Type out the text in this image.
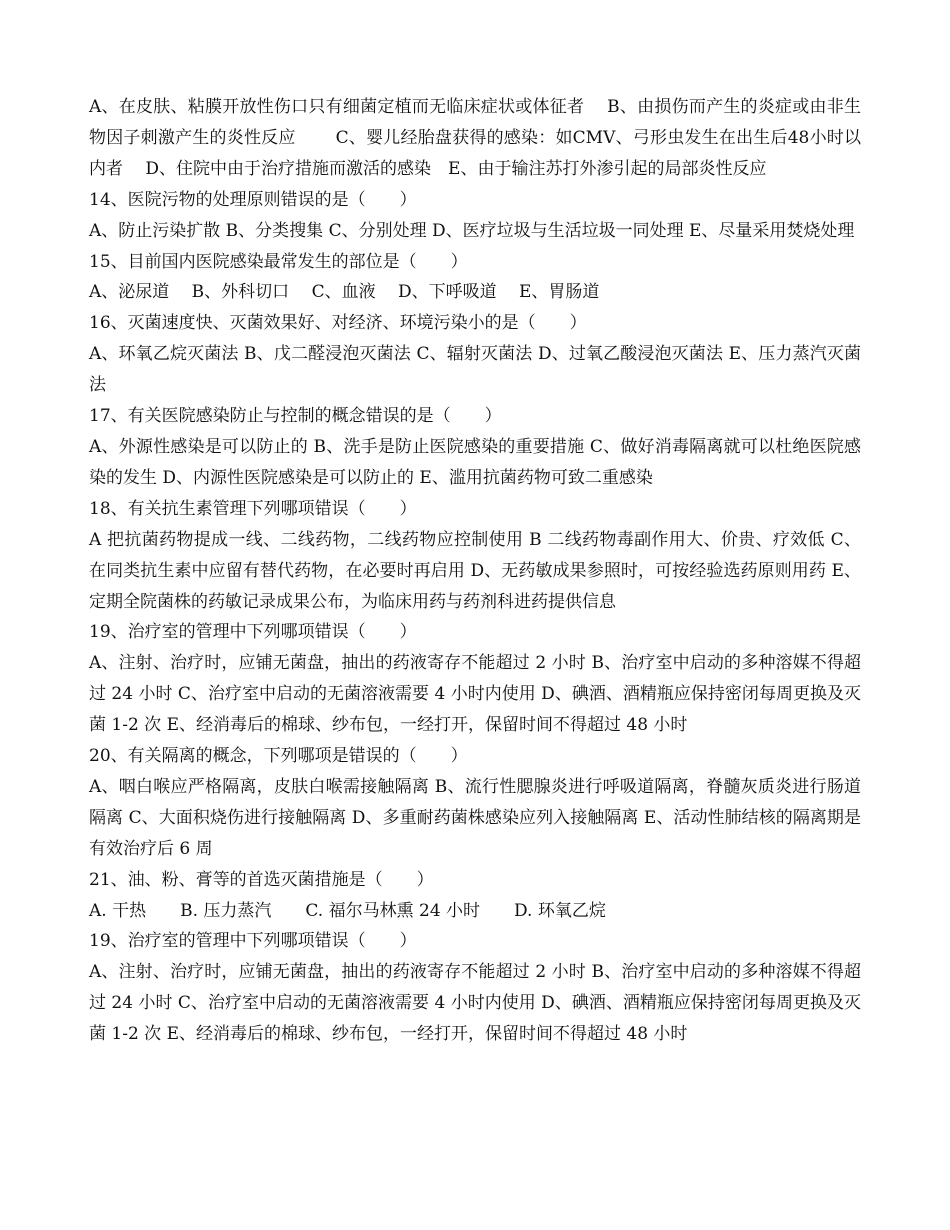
A、在皮肤、粘膜开放性伤口只有细菌定植而无临床症状或体征者　 B、由损伤而产生的炎症或由非生物因子刺激产生的炎性反应　　 C、婴儿经胎盘获得的感染：如CMV、弓形虫发生在出生后48小时以内者　 D、住院中由于治疗措施而激活的感染　E、由于输注苏打外渗引起的局部炎性反应

14、医院污物的处理原则错误的是（　　）

A、防止污染扩散 B、分类搜集 C、分别处理 D、医疗垃圾与生活垃圾一同处理 E、尽量采用焚烧处理

15、目前国内医院感染最常发生的部位是（　　）

A、泌尿道　 B、外科切口　 C、血液　 D、下呼吸道　 E、胃肠道

16、灭菌速度快、灭菌效果好、对经济、环境污染小的是（　　）

A、环氧乙烷灭菌法 B、戊二醛浸泡灭菌法 C、辐射灭菌法 D、过氧乙酸浸泡灭菌法 E、压力蒸汽灭菌法

17、有关医院感染防止与控制的概念错误的是（　　）

A、外源性感染是可以防止的 B、洗手是防止医院感染的重要措施 C、做好消毒隔离就可以杜绝医院感染的发生 D、内源性医院感染是可以防止的 E、滥用抗菌药物可致二重感染

18、有关抗生素管理下列哪项错误（　　）

A 把抗菌药物提成一线、二线药物，二线药物应控制使用 B 二线药物毒副作用大、价贵、疗效低 C、在同类抗生素中应留有替代药物，在必要时再启用 D、无药敏成果参照时，可按经验选药原则用药 E、定期全院菌株的药敏记录成果公布，为临床用药与药剂科进药提供信息

19、治疗室的管理中下列哪项错误（　　）

A、注射、治疗时，应铺无菌盘，抽出的药液寄存不能超过 2 小时 B、治疗室中启动的多种溶媒不得超过 24 小时 C、治疗室中启动的无菌溶液需要 4 小时内使用 D、碘酒、酒精瓶应保持密闭每周更换及灭菌 1-2 次 E、经消毒后的棉球、纱布包，一经打开，保留时间不得超过 48 小时

20、有关隔离的概念，下列哪项是错误的（　　）

A、咽白喉应严格隔离，皮肤白喉需接触隔离 B、流行性腮腺炎进行呼吸道隔离，脊髓灰质炎进行肠道隔离 C、大面积烧伤进行接触隔离 D、多重耐药菌株感染应列入接触隔离 E、活动性肺结核的隔离期是有效治疗后 6 周

21、油、粉、膏等的首选灭菌措施是（　　）

A. 干热　　B. 压力蒸汽　　C. 福尔马林熏 24 小时　　D. 环氧乙烷

19、治疗室的管理中下列哪项错误（　　）

A、注射、治疗时，应铺无菌盘，抽出的药液寄存不能超过 2 小时 B、治疗室中启动的多种溶媒不得超过 24 小时 C、治疗室中启动的无菌溶液需要 4 小时内使用 D、碘酒、酒精瓶应保持密闭每周更换及灭菌 1-2 次 E、经消毒后的棉球、纱布包，一经打开，保留时间不得超过 48 小时
